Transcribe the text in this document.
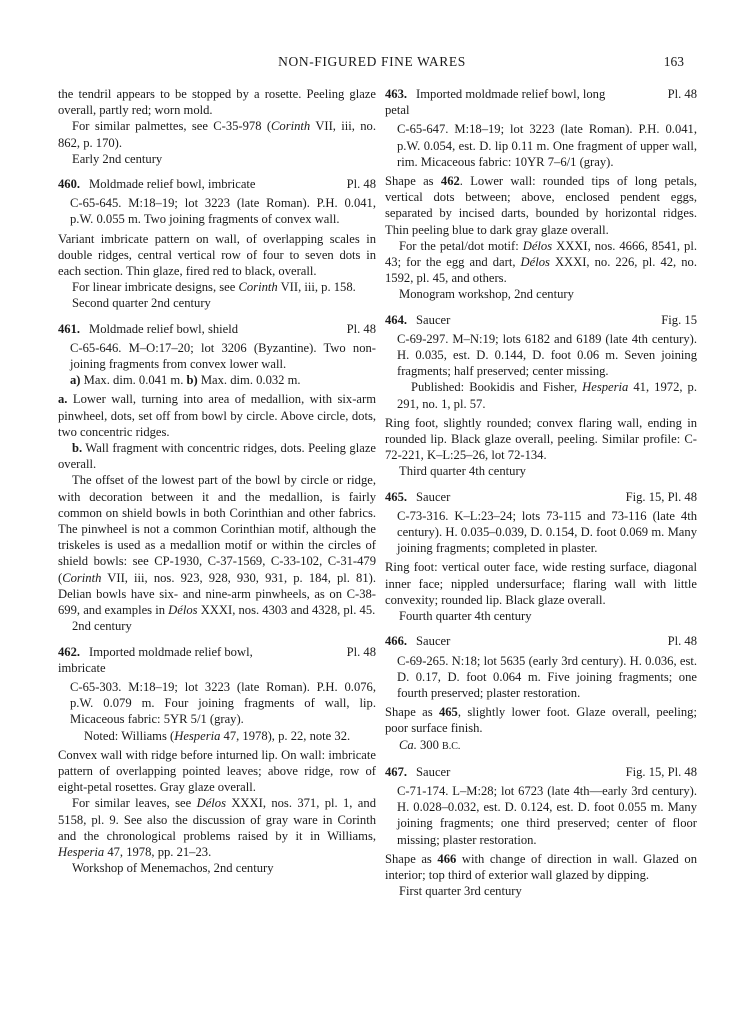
NON-FIGURED FINE WARES	163

the tendril appears to be stopped by a rosette. Peeling glaze overall, partly red; worn mold.

For similar palmettes, see C-35-978 (Corinth VII, iii, no. 862, p. 170).

Early 2nd century

460. Moldmade relief bowl, imbricate	Pl. 48
C-65-645. M:18–19; lot 3223 (late Roman). P.H. 0.041, p.W. 0.055 m. Two joining fragments of convex wall.

Variant imbricate pattern on wall, of overlapping scales in double ridges, central vertical row of four to seven dots in each section. Thin glaze, fired red to black, overall.

For linear imbricate designs, see Corinth VII, iii, p. 158.

Second quarter 2nd century

461. Moldmade relief bowl, shield	Pl. 48
C-65-646. M–O:17–20; lot 3206 (Byzantine). Two non-joining fragments from convex lower wall.
a) Max. dim. 0.041 m. b) Max. dim. 0.032 m.

a. Lower wall, turning into area of medallion, with six-arm pinwheel, dots, set off from bowl by circle. Above circle, dots, two concentric ridges.

b. Wall fragment with concentric ridges, dots. Peeling glaze overall.

The offset of the lowest part of the bowl by circle or ridge, with decoration between it and the medallion, is fairly common on shield bowls in both Corinthian and other fabrics. The pinwheel is not a common Corinthian motif, although the triskeles is used as a medallion motif or within the circles of shield bowls: see CP-1930, C-37-1569, C-33-102, C-31-479 (Corinth VII, iii, nos. 923, 928, 930, 931, p. 184, pl. 81). Delian bowls have six- and nine-arm pinwheels, as on C-38-699, and examples in Délos XXXI, nos. 4303 and 4328, pl. 45.

2nd century

462. Imported moldmade relief bowl, imbricate
Pl. 48
C-65-303. M:18–19; lot 3223 (late Roman). P.H. 0.076, p.W. 0.079 m. Four joining fragments of wall, lip. Micaceous fabric: 5YR 5/1 (gray).
Noted: Williams (Hesperia 47, 1978), p. 22, note 32.

Convex wall with ridge before inturned lip. On wall: imbricate pattern of overlapping pointed leaves; above ridge, row of eight-petal rosettes. Gray glaze overall.

For similar leaves, see Délos XXXI, nos. 371, pl. 1, and 5158, pl. 9. See also the discussion of gray ware in Corinth and the chronological problems raised by it in Williams, Hesperia 47, 1978, pp. 21–23.

Workshop of Menemachos, 2nd century

463. Imported moldmade relief bowl, long petal
Pl. 48
C-65-647. M:18–19; lot 3223 (late Roman). P.H. 0.041, p.W. 0.054, est. D. lip 0.11 m. One fragment of upper wall, rim. Micaceous fabric: 10YR 7–6/1 (gray).

Shape as 462. Lower wall: rounded tips of long petals, vertical dots between; above, enclosed pendent eggs, separated by incised darts, bounded by horizontal ridges. Thin peeling blue to dark gray glaze overall.

For the petal/dot motif: Délos XXXI, nos. 4666, 8541, pl. 43; for the egg and dart, Délos XXXI, no. 226, pl. 42, no. 1592, pl. 45, and others.

Monogram workshop, 2nd century

464. Saucer	Fig. 15
C-69-297. M–N:19; lots 6182 and 6189 (late 4th century). H. 0.035, est. D. 0.144, D. foot 0.06 m. Seven joining fragments; half preserved; center missing.
Published: Bookidis and Fisher, Hesperia 41, 1972, p. 291, no. 1, pl. 57.

Ring foot, slightly rounded; convex flaring wall, ending in rounded lip. Black glaze overall, peeling. Similar profile: C-72-221, K–L:25–26, lot 72-134.

Third quarter 4th century

465. Saucer	Fig. 15, Pl. 48
C-73-316. K–L:23–24; lots 73-115 and 73-116 (late 4th century). H. 0.035–0.039, D. 0.154, D. foot 0.069 m. Many joining fragments; completed in plaster.

Ring foot: vertical outer face, wide resting surface, diagonal inner face; nippled undersurface; flaring wall with little convexity; rounded lip. Black glaze overall.

Fourth quarter 4th century

466. Saucer	Pl. 48
C-69-265. N:18; lot 5635 (early 3rd century). H. 0.036, est. D. 0.17, D. foot 0.064 m. Five joining fragments; one fourth preserved; plaster restoration.

Shape as 465, slightly lower foot. Glaze overall, peeling; poor surface finish.

Ca. 300 B.C.

467. Saucer	Fig. 15, Pl. 48
C-71-174. L–M:28; lot 6723 (late 4th—early 3rd century). H. 0.028–0.032, est. D. 0.124, est. D. foot 0.055 m. Many joining fragments; one third preserved; center of floor missing; plaster restoration.

Shape as 466 with change of direction in wall. Glazed on interior; top third of exterior wall glazed by dipping.

First quarter 3rd century
